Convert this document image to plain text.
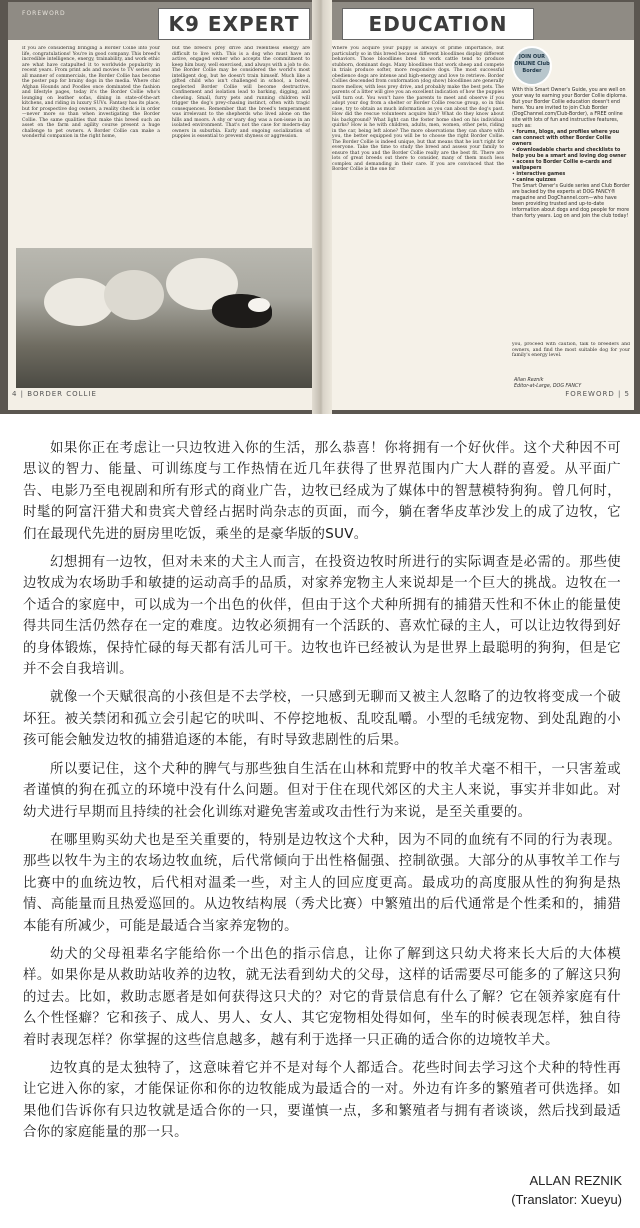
FOREWORD	K9 EXPERT
If you are considering bringing a Border Collie into your life, congratulations! You're in good company. This breed's incredible intelligence, energy, trainability, and work ethic are what have catapulted it to worldwide popularity in recent years. From print ads and movies to TV series and all manner of commercials, the Border Collie has become the poster pup for brainy dogs in the media. Where chic Afghan Hounds and Poodles once dominated the fashion and lifestyle pages, today it's the Border Collie who's lounging on leather sofas, dining in state-of-the-art kitchens, and riding in luxury SUVs. Fantasy has its place, but for prospective dog owners, a reality check is in order—never more so than when investigating the Border Collie. The same qualities that make this breed such an asset on the farm and agility course present a huge challenge to pet owners. A Border Collie can make a wonderful companion in the right home,
but the breed's prey drive and relentless energy are difficult to live with. This is a dog who must have an active, engaged owner who accepts the commitment to keep him busy, well exercised, and always with a job to do. The Border Collie may be considered the world's most intelligent dog, but he doesn't train himself. Much like a gifted child who isn't challenged in school, a bored, neglected Border Collie will become destructive. Confinement and isolation lead to barking, digging, and chewing. Small, furry pets and running children will trigger the dog's prey-chasing instinct, often with tragic consequences. Remember that the breed's temperament was irrelevant to the shepherds who lived alone on the hills and moors. A shy or wary dog was a non-issue in an isolated environment. That's not the case for modern-day owners in suburbia. Early and ongoing socialization of puppies is essential to prevent shyness or aggression.
4 | BORDER COLLIE
EDUCATION
Where you acquire your puppy is always of prime importance, but particularly so in this breed because different bloodlines display different behaviors. Those bloodlines bred to work cattle tend to produce stubborn, dominant dogs. Many bloodlines that work sheep and compete in trials produce softer, more responsive dogs. The most successful obedience dogs are intense and high-energy and love to retrieve. Border Collies descended from conformation (dog show) bloodlines are generally more mellow, with less prey drive, and probably make the best pets. The parents of a litter will give you an excellent indication of how the puppies will turn out. You won't have the parents to meet and observe if you adopt your dog from a shelter or Border Collie rescue group, so in this case, try to obtain as much information as you can about the dog's past. How did the rescue volunteers acquire him? What do they know about his background? What light can the foster home shed on his individual quirks? How is he with children, adults, men, women, other pets, riding in the car, being left alone? The more observations they can share with you, the better equipped you will be to choose the right Border Collie. The Border Collie is indeed unique, but that means that he isn't right for everyone. Take the time to study the breed and assess your family to ensure that you and the Border Collie really are the best fit. There are lots of great breeds out there to consider, many of them much less complex and demanding in their care. If you are convinced that the Border Collie is the one for
JOIN OUR ONLINE Club Border
With this Smart Owner's Guide, you are well on your way to earning your Border Collie diploma. But your Border Collie education doesn't end here. You are invited to join Club Border (DogChannel.com/Club-Border), a FREE online site with lots of fun and instructive features, such as:
• forums, blogs, and profiles where you can connect with other Border Collie owners
• downloadable charts and checklists to help you be a smart and loving dog owner
• access to Border Collie e-cards and wallpapers
• interactive games
• canine quizzes
The Smart Owner's Guide series and Club Border are backed by the experts at DOG FANCY® magazine and DogChannel.com—who have been providing trusted and up-to-date information about dogs and dog people for more than forty years. Log on and join the club today!
you, proceed with caution, talk to breeders and owners, and find the most suitable dog for your family's energy level.
Allan Reznik
Editor-at-Large, DOG FANCY
FOREWORD | 5

如果你正在考虑让一只边牧进入你的生活，那么恭喜！你将拥有一个好伙伴。这个犬种因不可思议的智力、能量、可训练度与工作热情在近几年获得了世界范围内广大人群的喜爱。从平面广告、电影乃至电视剧和所有形式的商业广告，边牧已经成为了媒体中的智慧模特狗狗。曾几何时，时髦的阿富汗猎犬和贵宾犬曾经占据时尚杂志的页面，而今，躺在奢华皮革沙发上的成了边牧，它们在最现代先进的厨房里吃饭，乘坐的是豪华版的SUV。

幻想拥有一边牧，但对未来的犬主人而言，在投资边牧时所进行的实际调查是必需的。那些使边牧成为农场助手和敏捷的运动高手的品质，对家养宠物主人来说却是一个巨大的挑战。边牧在一个适合的家庭中，可以成为一个出色的伙伴，但由于这个犬种所拥有的捕猎天性和不休止的能量使得共同生活仍然存在一定的难度。边牧必须拥有一个活跃的、喜欢忙碌的主人，可以让边牧得到好的身体锻炼，保持忙碌的每天都有活儿可干。边牧也许已经被认为是世界上最聪明的狗狗，但是它并不会自我培训。

就像一个天赋很高的小孩但是不去学校，一只感到无聊而又被主人忽略了的边牧将变成一个破坏狂。被关禁闭和孤立会引起它的吠叫、不停挖地板、乱咬乱嚼。小型的毛绒宠物、到处乱跑的小孩可能会触发边牧的捕猎追逐的本能，有时导致悲剧性的后果。

所以要记住，这个犬种的脾气与那些独自生活在山林和荒野中的牧羊犬毫不相干，一只害羞或者谨慎的狗在孤立的环境中没有什么问题。但对于住在现代郊区的犬主人来说，事实并非如此。对幼犬进行早期而且持续的社会化训练对避免害羞或攻击性行为来说，是至关重要的。

在哪里购买幼犬也是至关重要的，特别是边牧这个犬种，因为不同的血统有不同的行为表现。那些以牧牛为主的农场边牧血统，后代常倾向于出性格倔强、控制欲强。大部分的从事牧羊工作与比赛中的血统边牧，后代相对温柔一些，对主人的回应度更高。最成功的高度服从性的狗狗是热情、高能量而且热爱巡回的。从边牧结构展（秀犬比赛）中繁殖出的后代通常是个性柔和的，捕猎本能有所减少，可能是最适合当家养宠物的。

幼犬的父母祖辈名字能给你一个出色的指示信息，让你了解到这只幼犬将来长大后的大体模样。如果你是从救助站收养的边牧，就无法看到幼犬的父母，这样的话需要尽可能多的了解这只狗的过去。比如，救助志愿者是如何获得这只犬的？对它的背景信息有什么了解？它在领养家庭有什么个性怪癖？它和孩子、成人、男人、女人、其它宠物相处得如何，坐车的时候表现怎样，独自待着时表现怎样？你掌握的这些信息越多，越有利于选择一只正确的适合你的边境牧羊犬。

边牧真的是太独特了，这意味着它并不是对每个人都适合。花些时间去学习这个犬种的特性再让它进入你的家，才能保证你和你的边牧能成为最适合的一对。外边有许多的繁殖者可供选择。如果他们告诉你有只边牧就是适合你的一只，要谨慎一点，多和繁殖者与拥有者谈谈，然后找到最适合你的家庭能量的那一只。

ALLAN REZNIK
(Translator: Xueyu)
